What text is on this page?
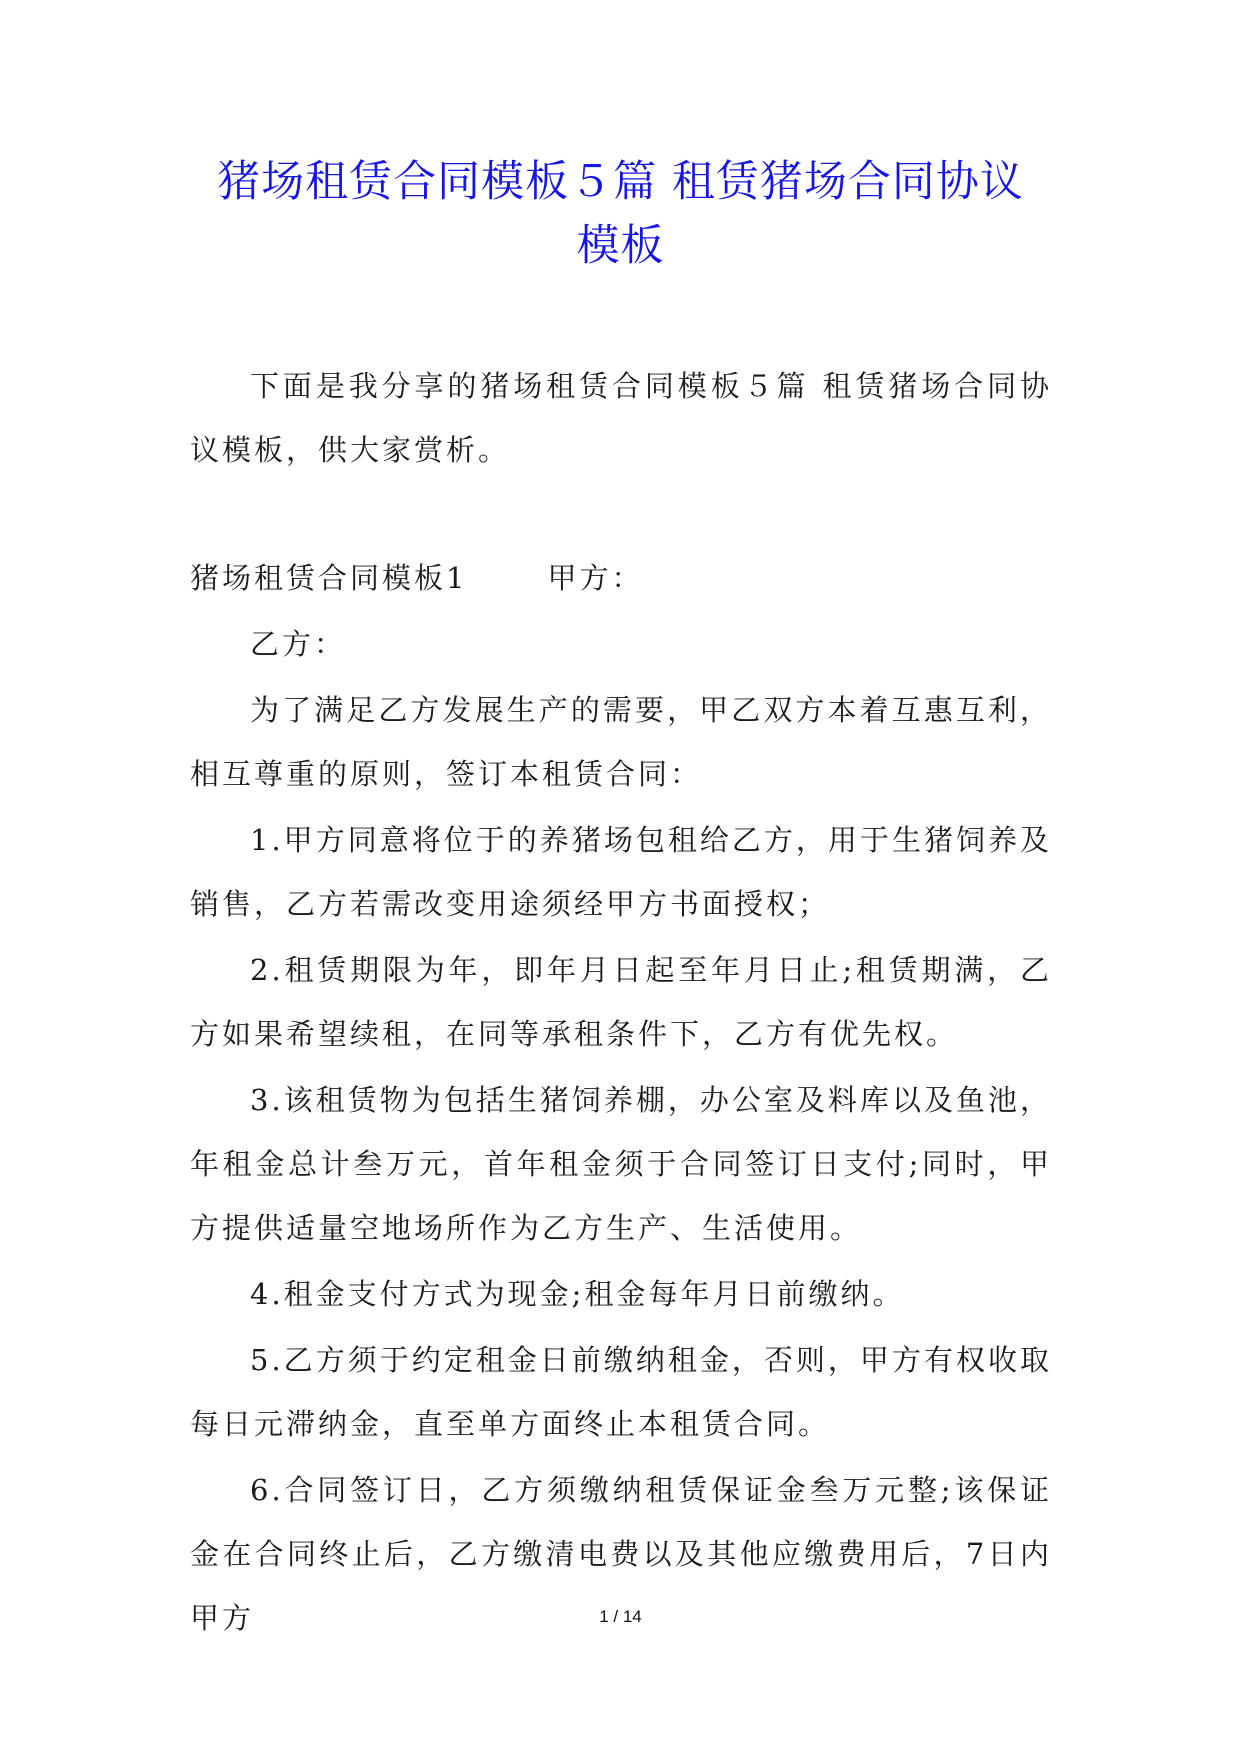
猪场租赁合同模板５篇 租赁猪场合同协议
模板

下面是我分享的猪场租赁合同模板５篇 租赁猪场合同协议模板，供大家赏析。

猪场租赁合同模板1	甲方：

乙方：

为了满足乙方发展生产的需要，甲乙双方本着互惠互利，相互尊重的原则，签订本租赁合同：

1.甲方同意将位于的养猪场包租给乙方，用于生猪饲养及销售，乙方若需改变用途须经甲方书面授权；

2.租赁期限为年，即年月日起至年月日止;租赁期满，乙方如果希望续租，在同等承租条件下，乙方有优先权。

3.该租赁物为包括生猪饲养棚，办公室及料库以及鱼池，年租金总计叁万元，首年租金须于合同签订日支付;同时，甲方提供适量空地场所作为乙方生产、生活使用。

4.租金支付方式为现金;租金每年月日前缴纳。

5.乙方须于约定租金日前缴纳租金，否则，甲方有权收取每日元滞纳金，直至单方面终止本租赁合同。

6.合同签订日，乙方须缴纳租赁保证金叁万元整;该保证金在合同终止后，乙方缴清电费以及其他应缴费用后，7日内甲方	1 / 14
